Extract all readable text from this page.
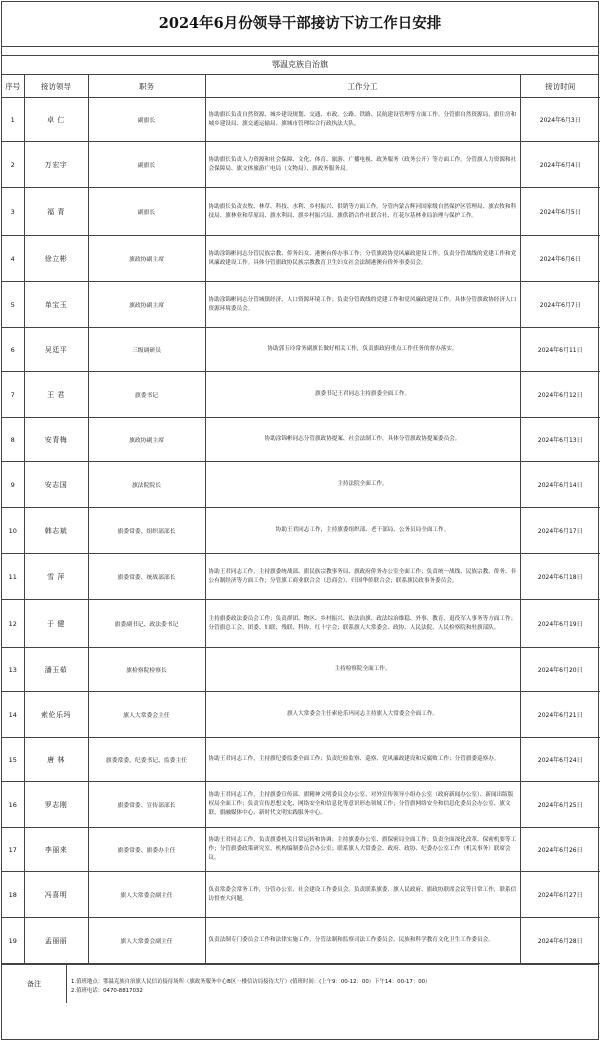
2024年6月份领导干部接访下访工作日安排
鄂温克族自治旗
序号	接访领导	职务	工作分工	接访时间
1	卓 仁	副旗长	协助旗长负责自然资源、城乡建设规划、交通、市政、公路、铁路、民航建设管理等方面工作。分管旗自然资源局、旗住房和城乡建设局、旗交通运输局、旗城市管理综合行政执法大队。	2024年6月3日
2	万宏宇	副旗长	协助旗长负责人力资源和社会保障、文化、体育、旅游、广播电视、政务服务（政务公开）等方面工作。分管旗人力资源和社会保障局、旗文体旅游广电局（文物局）、旗政务服务局。	2024年6月4日
3	福 青	副旗长	协助旗长负责农牧、林草、科技、水利、乡村振兴、供销等方面工作。分管内蒙古辉河国家级自然保护区管理局、旗农牧和科技局、旗林业和草原局、旗水利局、旗乡村振兴局、旗供销合作社联合社、红花尔基林业局治理与保护工作。	2024年6月5日
4	徐立彬	旗政协副主席	协助涂锦彬同志分管民族宗教、侨务妇女、港澳台侨办事工作；分管旗政协党风廉政建设工作。负责分管战线的党建工作和党风廉政建设工作。具体分管旗政协民族宗教教育卫生妇女社会法制港澳台侨外事委员会。	2024年6月6日
5	单宝玉	旗政协副主席	协助涂锦彬同志分管城镇经济、人口资源环境工作；负责分管战线的党建工作和党风廉政建设工作。具体分管旗政协经济人口资源环境委员会。	2024年6月7日
6	吴廷平	三级调研员	协助郭玉玲常务副旗长做好相关工作，负责旗政府重点工作任务的督办落实。	2024年6月11日
7	王 君	旗委书记	旗委书记王君同志主持旗委全面工作。	2024年6月12日
8	安青梅	旗政协副主席	协助涂锦彬同志分管旗政协提案、社会法制工作。具体分管旗政协提案委员会。	2024年6月13日
9	安志国	旗法院院长	主持法院全面工作。	2024年6月14日
10	韩志斌	旗委常委、组织部部长	协助王君同志工作，主持旗委组织部、老干部局、公务员局全面工作。	2024年6月17日
11	雪 萍	旗委常委、统战部部长	协助王君同志工作，主持旗委统战部、旗民族宗教事务局、旗政府侨务办公室全面工作；负责统一战线、民族宗教、侨务、非公有制经济等方面工作；分管旗工商业联合会（总商会）、归国华侨联合会；联系旗民政事务委员会。	2024年6月18日
12	于 健	旗委副书记、政法委书记	主持旗委政法委员会工作；负责群团、物区、乡村振兴、依法治旗、政法综治维稳、外事、教育、退役军人事务等方面工作；分管旗总工会、团委、妇联、残联、科协、红十字会；联系旗人大常委会、政协、人民法院、人民检察院和驻旗部队。	2024年6月19日
13	潘玉茹	旗检察院检察长	主持检察院全面工作。	2024年6月20日
14	索伦乐玛	旗人大常委会主任	旗人大常委会主任索伦乐玛同志主持旗人大常委会全面工作。	2024年6月21日
15	唐 林	旗委常委、纪委书记、监委主任	协助王君同志工作，主持旗纪委监委全面工作；负责纪检监察、巡察、党风廉政建设和反腐败工作；分管旗委巡察办。	2024年6月24日
16	罗志刚	旗委常委、宣传部部长	协助王君同志工作，主持旗委宣传部、旗精神文明委员会办公室、对外宣传领导小组办公室（政府新闻办公室）、新闻出版版权局全面工作；负责宣传思想文化、网络安全和信息化等意识形态领域工作；分管旗网络安全和信息化委员会办公室、旗文联、旗融媒体中心、新时代文明实践服务中心。	2024年6月25日
17	李丽来	旗委常委、旗委办主任	协助王君同志工作，负责旗委机关日常运转和协调；主持旗委办公室、旗保密局全面工作；负责全面深化改革、保密机要等工作；分管旗委政策研究室、机构编制委员会办公室；联系旗人大常委会、政府、政协、纪委办公室工作（机关事务）联席会议。	2024年6月26日
18	冯喜明	旗人大常委会副主任	负责常委会常务工作，分管办公室、社会建设工作委员会。负责联系旗委、旗人民政府、旗政协联席会议等日常工作，联系信访督查大问题。	2024年6月27日
19	孟丽丽	旗人大常委会副主任	负责法制专门委员会工作和法律实施工作，分管法制和监察司法工作委员会、民族和科学教育文化卫生工作委员会。	2024年6月28日
备注	1.值班地点：鄂温克族自治旗人民信访接待场所（旗政务服务中心B区一楼信访局接待大厅）(值班时间：(上午9：00-12：00）下午14：00-17：00）
2.值班电话：0470-8817032
